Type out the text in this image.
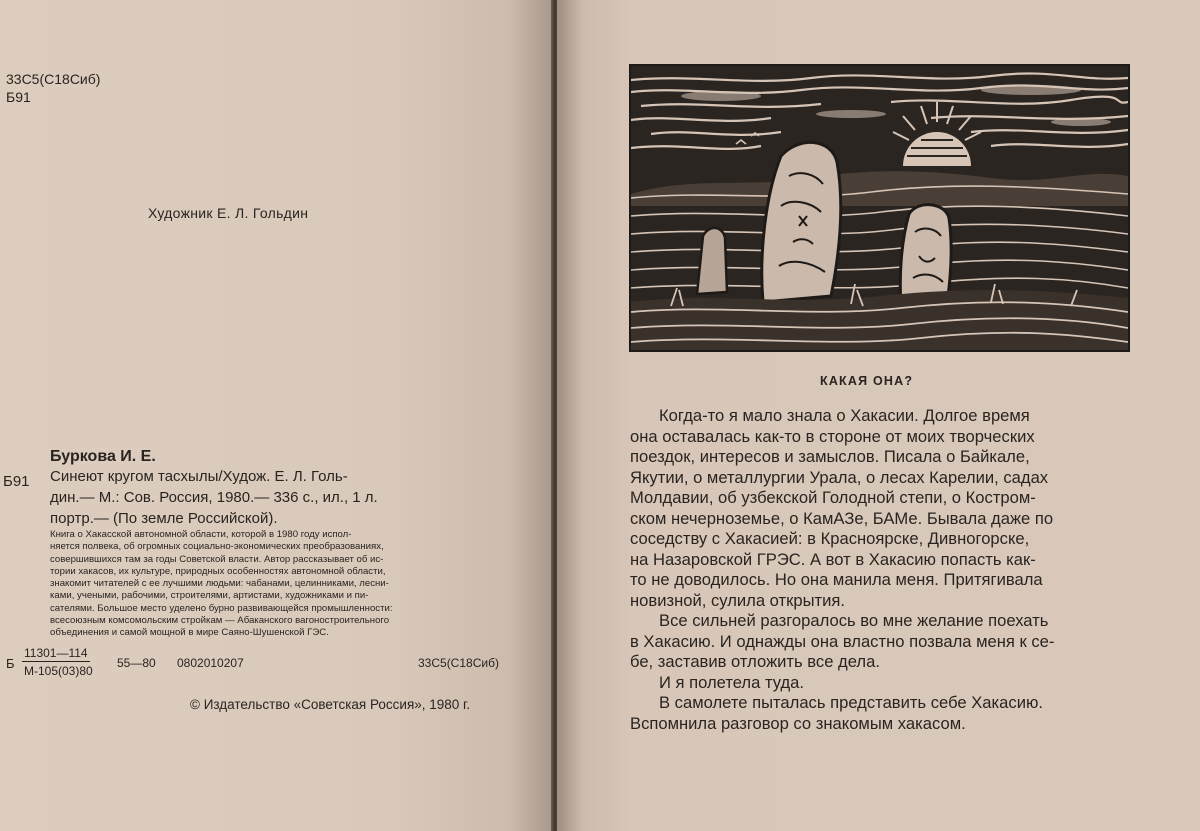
33С5(С18Сиб)
Б91
Художник Е. Л. Гольдин
Буркова И. Е.
Б91 Синеют кругом тасхылы/Худож. Е. Л. Голь-
дин.— М.: Сов. Россия, 1980.— 336 с., ил., 1 л.
портр.— (По земле Российской).
Книга о Хакасской автономной области, которой в 1980 году испол-
няется полвека, об огромных социально-экономических преобразованиях,
совершившихся там за годы Советской власти. Автор рассказывает об ис-
тории хакасов, их культуре, природных особенностях автономной области,
знакомит читателей с ее лучшими людьми: чабанами, целинниками, лесни-
ками, учеными, рабочими, строителями, артистами, художниками и пи-
сателями. Большое место уделено бурно развивающейся промышленности:
всесоюзным комсомольским стройкам — Абаканского вагоностроительного
объединения и самой мощной в мире Саяно-Шушенской ГЭС.
Б
11301—114
М-105(03)80
55—80 0802010207	33С5(С18Сиб)
© Издательство «Советская Россия», 1980 г.
КАКАЯ ОНА?
Когда-то я мало знала о Хакасии. Долгое время
она оставалась как-то в стороне от моих творческих
поездок, интересов и замыслов. Писала о Байкале,
Якутии, о металлургии Урала, о лесах Карелии, садах
Молдавии, об узбекской Голодной степи, о Костром-
ском нечерноземье, о КамАЗе, БАМе. Бывала даже по
соседству с Хакасией: в Красноярске, Дивногорске,
на Назаровской ГРЭС. А вот в Хакасию попасть как-
то не доводилось. Но она манила меня. Притягивала
новизной, сулила открытия.
Все сильней разгоралось во мне желание поехать
в Хакасию. И однажды она властно позвала меня к се-
бе, заставив отложить все дела.
И я полетела туда.
В самолете пыталась представить себе Хакасию.
Вспомнила разговор со знакомым хакасом.
